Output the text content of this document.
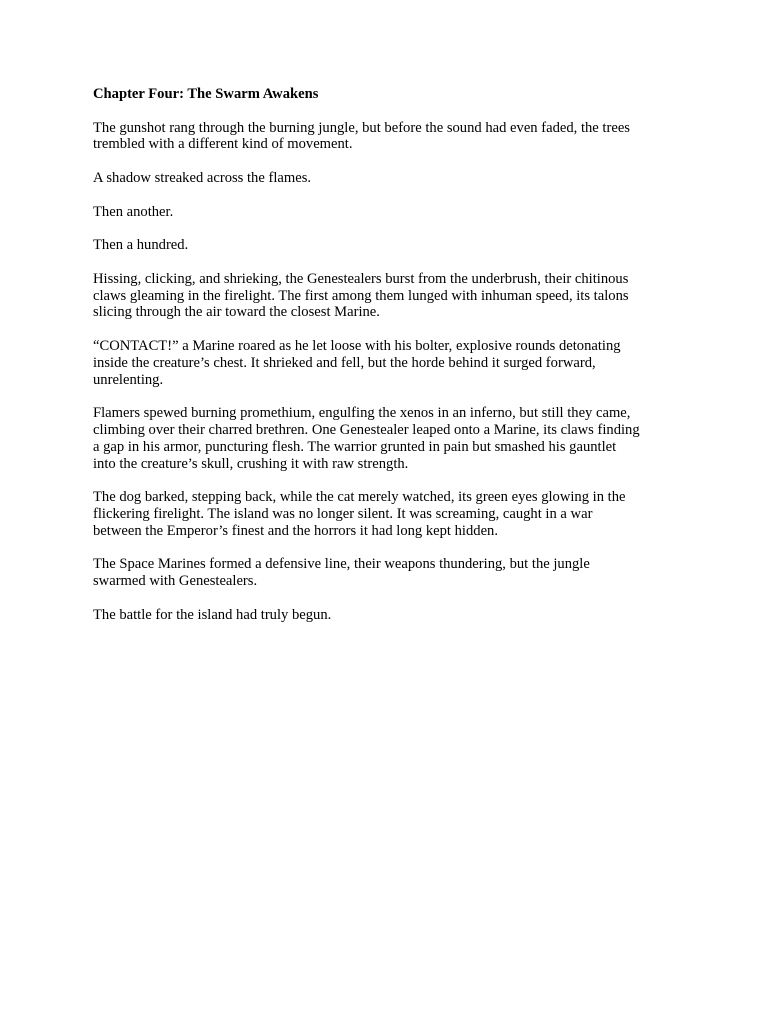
Chapter Four: The Swarm Awakens
The gunshot rang through the burning jungle, but before the sound had even faded, the trees
trembled with a different kind of movement.
A shadow streaked across the flames.
Then another.
Then a hundred.
Hissing, clicking, and shrieking, the Genestealers burst from the underbrush, their chitinous
claws gleaming in the firelight. The first among them lunged with inhuman speed, its talons
slicing through the air toward the closest Marine.
“CONTACT!” a Marine roared as he let loose with his bolter, explosive rounds detonating
inside the creature’s chest. It shrieked and fell, but the horde behind it surged forward,
unrelenting.
Flamers spewed burning promethium, engulfing the xenos in an inferno, but still they came,
climbing over their charred brethren. One Genestealer leaped onto a Marine, its claws finding
a gap in his armor, puncturing flesh. The warrior grunted in pain but smashed his gauntlet
into the creature’s skull, crushing it with raw strength.
The dog barked, stepping back, while the cat merely watched, its green eyes glowing in the
flickering firelight. The island was no longer silent. It was screaming, caught in a war
between the Emperor’s finest and the horrors it had long kept hidden.
The Space Marines formed a defensive line, their weapons thundering, but the jungle
swarmed with Genestealers.
The battle for the island had truly begun.
